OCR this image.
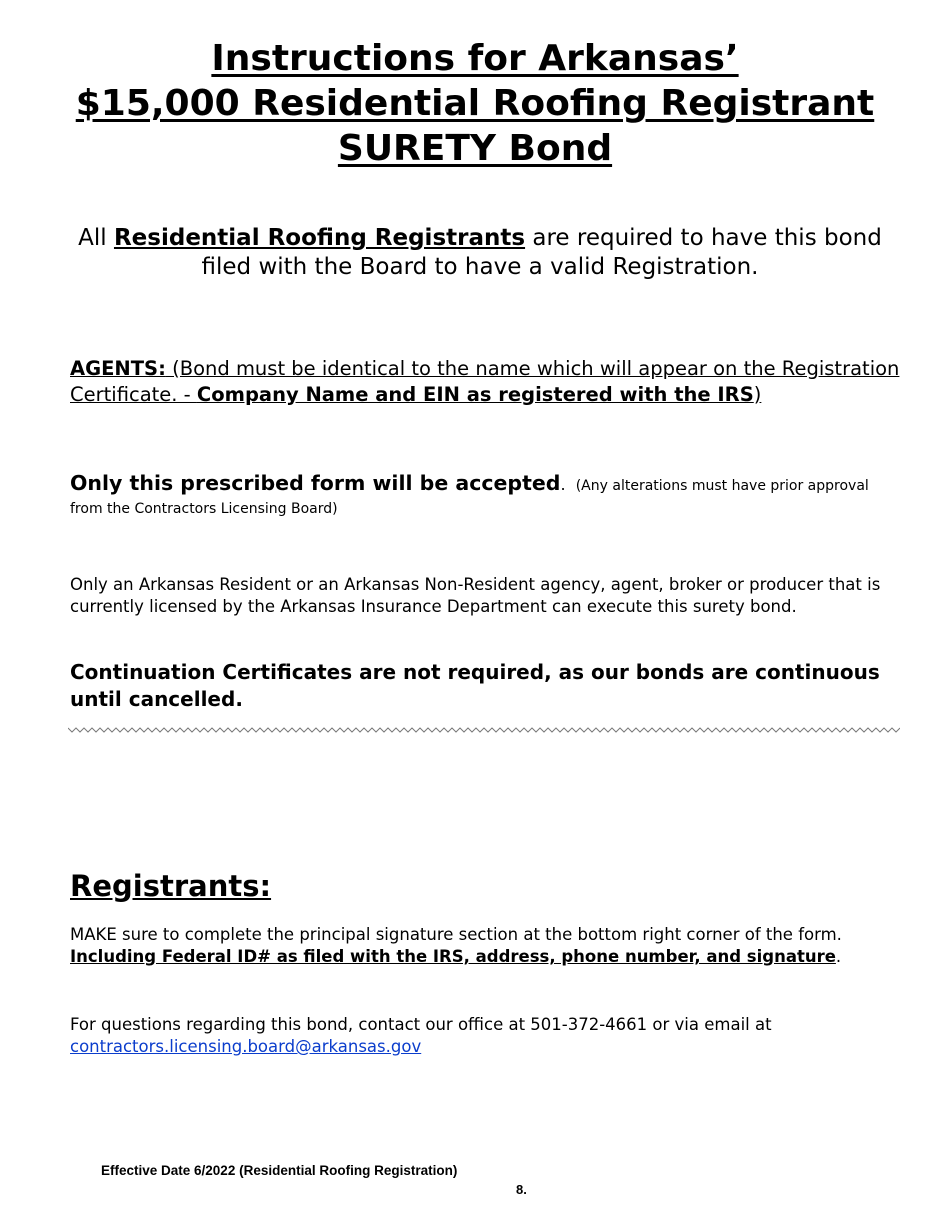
Instructions for Arkansas’
$15,000 Residential Roofing Registrant
SURETY Bond
All Residential Roofing Registrants are required to have this bond filed with the Board to have a valid Registration.
AGENTS: (Bond must be identical to the name which will appear on the Registration Certificate. - Company Name and EIN as registered with the IRS)
Only this prescribed form will be accepted. (Any alterations must have prior approval from the Contractors Licensing Board)
Only an Arkansas Resident or an Arkansas Non-Resident agency, agent, broker or producer that is currently licensed by the Arkansas Insurance Department can execute this surety bond.
Continuation Certificates are not required, as our bonds are continuous until cancelled.
Registrants:
MAKE sure to complete the principal signature section at the bottom right corner of the form.
Including Federal ID# as filed with the IRS, address, phone number, and signature.
For questions regarding this bond, contact our office at 501-372-4661 or via email at
contractors.licensing.board@arkansas.gov
Effective Date 6/2022 (Residential Roofing Registration)
8.
